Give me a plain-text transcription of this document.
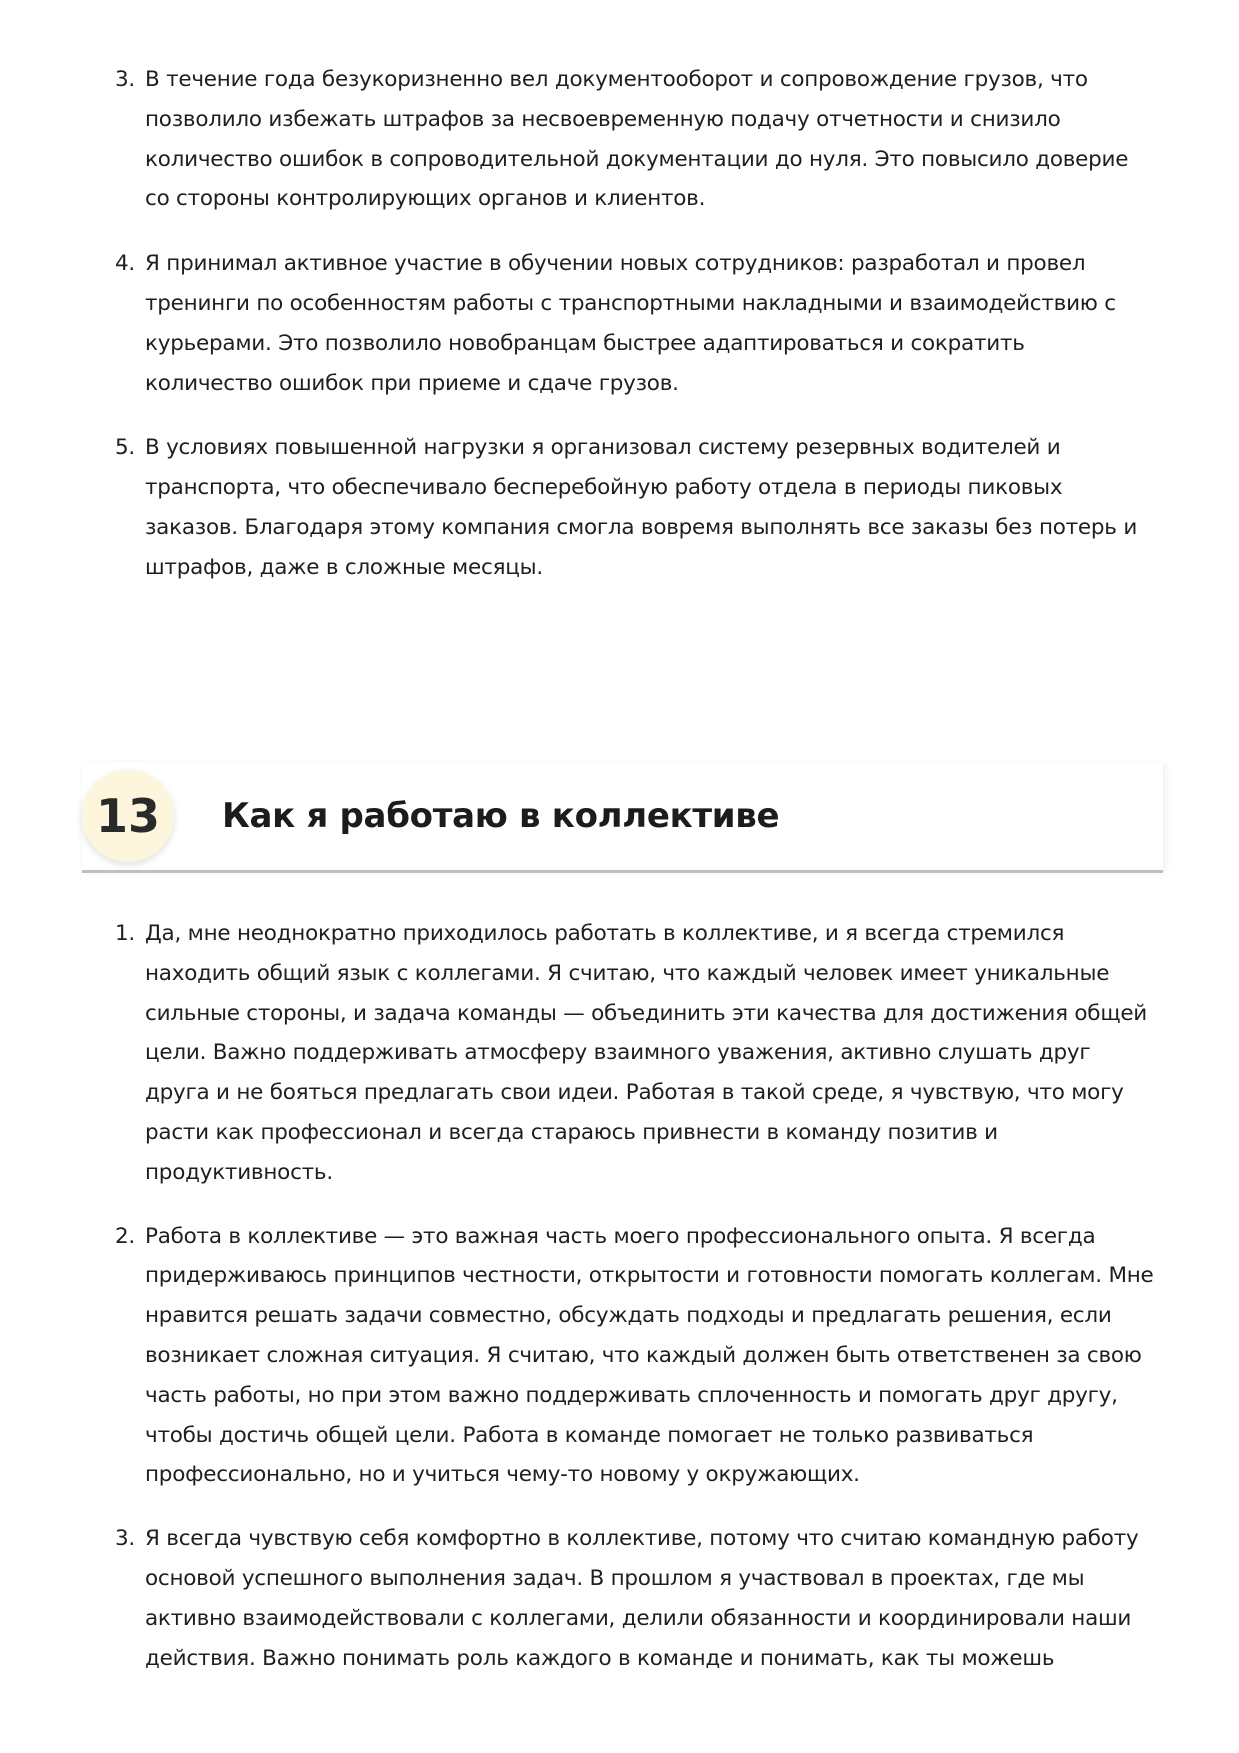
3. В течение года безукоризненно вел документооборот и сопровождение грузов, что позволило избежать штрафов за несвоевременную подачу отчетности и снизило количество ошибок в сопроводительной документации до нуля. Это повысило доверие со стороны контролирующих органов и клиентов.
4. Я принимал активное участие в обучении новых сотрудников: разработал и провел тренинги по особенностям работы с транспортными накладными и взаимодействию с курьерами. Это позволило новобранцам быстрее адаптироваться и сократить количество ошибок при приеме и сдаче грузов.
5. В условиях повышенной нагрузки я организовал систему резервных водителей и транспорта, что обеспечивало бесперебойную работу отдела в периоды пиковых заказов. Благодаря этому компания смогла вовремя выполнять все заказы без потерь и штрафов, даже в сложные месяцы.
13	Как я работаю в коллективе
1. Да, мне неоднократно приходилось работать в коллективе, и я всегда стремился находить общий язык с коллегами. Я считаю, что каждый человек имеет уникальные сильные стороны, и задача команды — объединить эти качества для достижения общей цели. Важно поддерживать атмосферу взаимного уважения, активно слушать друг друга и не бояться предлагать свои идеи. Работая в такой среде, я чувствую, что могу расти как профессионал и всегда стараюсь привнести в команду позитив и продуктивность.
2. Работа в коллективе — это важная часть моего профессионального опыта. Я всегда придерживаюсь принципов честности, открытости и готовности помогать коллегам. Мне нравится решать задачи совместно, обсуждать подходы и предлагать решения, если возникает сложная ситуация. Я считаю, что каждый должен быть ответственен за свою часть работы, но при этом важно поддерживать сплоченность и помогать друг другу, чтобы достичь общей цели. Работа в команде помогает не только развиваться профессионально, но и учиться чему-то новому у окружающих.
3. Я всегда чувствую себя комфортно в коллективе, потому что считаю командную работу основой успешного выполнения задач. В прошлом я участвовал в проектах, где мы активно взаимодействовали с коллегами, делили обязанности и координировали наши действия. Важно понимать роль каждого в команде и понимать, как ты можешь
